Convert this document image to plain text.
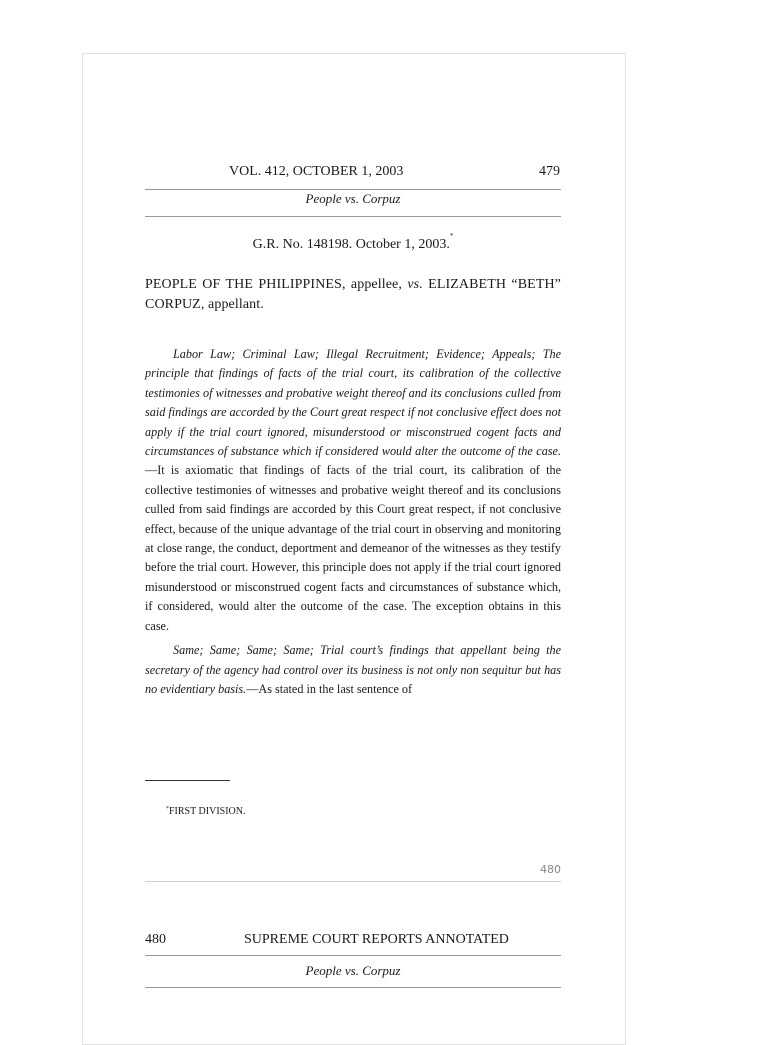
VOL. 412, OCTOBER 1, 2003	479
People vs. Corpuz
G.R. No. 148198. October 1, 2003.*
PEOPLE OF THE PHILIPPINES, appellee, vs. ELIZABETH “BETH” CORPUZ, appellant.

Labor Law; Criminal Law; Illegal Recruitment; Evidence; Appeals; The principle that findings of facts of the trial court, its calibration of the collective testimonies of witnesses and probative weight thereof and its conclusions culled from said findings are accorded by the Court great respect if not conclusive effect does not apply if the trial court ignored, misunderstood or misconstrued cogent facts and circumstances of substance which if considered would alter the outcome of the case.—It is axiomatic that findings of facts of the trial court, its calibration of the collective testimonies of witnesses and probative weight thereof and its conclusions culled from said findings are accorded by this Court great respect, if not conclusive effect, because of the unique advantage of the trial court in observing and monitoring at close range, the conduct, deportment and demeanor of the witnesses as they testify before the trial court. However, this principle does not apply if the trial court ignored misunderstood or misconstrued cogent facts and circumstances of substance which, if considered, would alter the outcome of the case. The exception obtains in this case.

Same; Same; Same; Same; Trial court’s findings that appellant being the secretary of the agency had control over its business is not only non sequitur but has no evidentiary basis.—As stated in the last sentence of

*FIRST DIVISION.
480
480	SUPREME COURT REPORTS ANNOTATED
People vs. Corpuz
